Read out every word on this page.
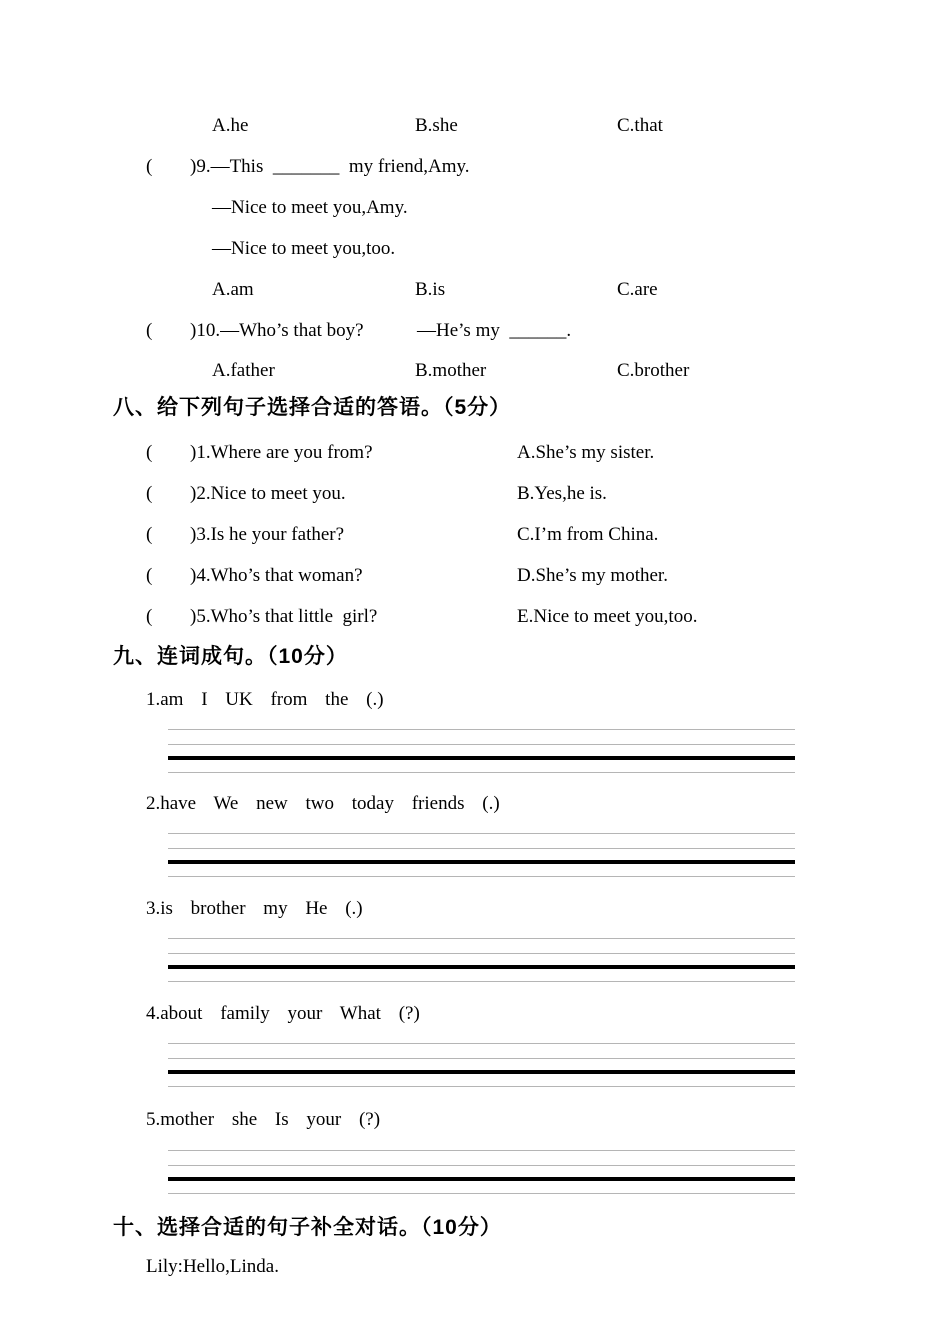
A.he	B.she	C.that
( )9.—This  _______  my friend,Amy.
—Nice to meet you,Amy.
—Nice to meet you,too.
A.am	B.is	C.are
( )10.—Who’s that boy?	—He’s my  ______.
A.father	B.mother	C.brother
八、给下列句子选择合适的答语。（5分）
( )1.Where are you from?	A.She’s my sister.
( )2.Nice to meet you.	B.Yes,he is.
( )3.Is he your father?	C.I’m from China.
( )4.Who’s that woman?	D.She’s my mother.
( )5.Who’s that little  girl?	E.Nice to meet you,too.
九、连词成句。（10分）
1.am I UK from the (.)
2.have We new two today friends (.)
3.is brother my He (.)
4.about family your What (?)
5.mother she Is your (?)
十、选择合适的句子补全对话。（10分）
Lily:Hello,Linda.
